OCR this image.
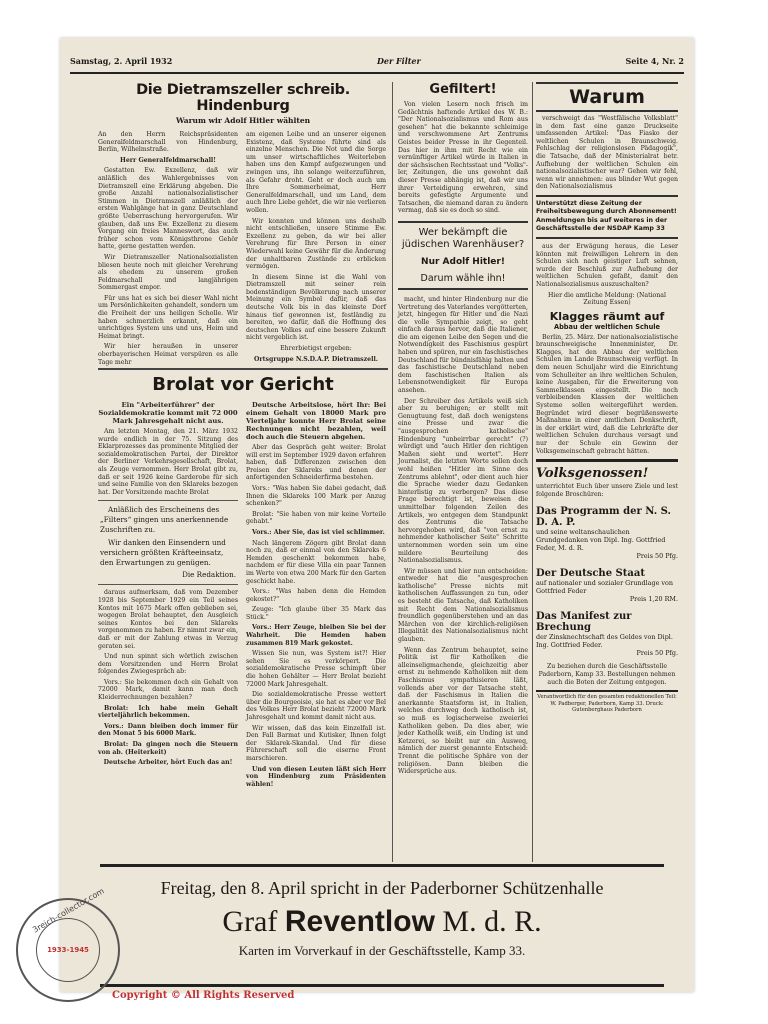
Samstag, 2. April 1932	Der Filter	Seite 4, Nr. 2
Die Dietramszeller schreib. Hindenburg
Warum wir Adolf Hitler wählten

An den Herrn Reichspräsidenten Generalfeldmarschall von Hindenburg, Berlin, Wilhelmstraße.

Herr Generalfeldmarschall!

Gestatten Ew. Exzellenz, daß wir anläßlich des Wahlergebnisses von Dietramszell eine Erklärung abgeben. Die große Anzahl nationalsozialistischer Stimmen in Dietramszell anläßlich der ersten Wahlgänge hat in ganz Deutschland größte Ueberraschung hervorgerufen. Wir glauben, daß uns Ew. Exzellenz zu diesem Vorgang ein freies Manneswort, das auch früher schon vom Königsthrone Gehör hatte, gerne gestatten werden.

Wir Dietramszeller Nationalsozialisten bliesen heute noch mit gleicher Verehrung als ehedem zu unserem großen Feldmarschall und langjährigen Sommergast empor.

Für uns hat es sich bei dieser Wahl nicht um Persönlichkeiten gehandelt, sondern um die Freiheit der uns heiligen Scholle. Wir haben schmerzlich erkannt, daß ein unrichtiges System uns und uns, Heim und Heimat bringt.

Wir hier heraußen in unserer oberbayerischen Heimat verspüren es alle Tage mehr

am eigenen Leibe und an unserer eigenen Existenz, daß Systeme führte sind als einzelne Menschen. Die Not und die Sorge um unser wirtschaftliches Weiterleben haben uns den Kampf aufgezwungen und zwingen uns, ihn solange weiterzuführen, als Gefahr droht. Geht er doch auch um Ihre Sommerheimat, Herr Generalfeldmarschall, und um Land, dem auch Ihre Liebe gehört, die wir nie verlieren wollen.

Wir konnten und können uns deshalb nicht entschließen, unsere Stimme Ew. Exzellenz zu geben, da wir bei aller Verehrung für Ihre Person in einer Wiederwahl keine Gewähr für die Änderung der unhaltbaren Zustände zu erblicken vermögen.

In diesem Sinne ist die Wahl von Dietramszell mit seiner rein bodenständigen Bevölkerung nach unserer Meinung ein Symbol dafür, daß das deutsche Volk bis in das kleinste Dorf hinaus tief gewonnen ist, festländig zu bereiten, wo dafür, daß die Hoffnung des deutschen Volkes auf eine bessere Zukunft nicht vergeblich ist.

Ehrerbietigst ergeben:

Ortsgruppe N.S.D.A.P. Dietramszell.

Brolat vor Gericht
Ein "Arbeiterführer" der Sozialdemokratie kommt mit 72 000 Mark Jahresgehalt nicht aus.

Am letzten Montag, den 21. März 1932 wurde endlich in der 75. Sitzung des Eklarprozesses das prominente Mitglied der sozialdemokratischen Partei, der Direktor der Berliner Verkehrsgesellschaft, Brolat, als Zeuge vernommen. Herr Brolat gibt zu, daß er seit 1926 keine Garderobe für sich und seine Familie von den Sklareks bezogen hat. Der Vorsitzende machte Brolat

Anläßlich des Erscheinens des „Filters“ gingen uns anerkennende Zuschriften zu.
Wir danken den Einsendern und versichern größten Kräfteeinsatz, den Erwartungen zu genügen.
Die Redaktion.

daraus aufmerksam, daß vom Dezember 1928 bis September 1929 ein Teil seines Kontos mit 1675 Mark offen geblieben sei, wogegen Brolat behauptet, den Ausgleich seines Kontos bei den Sklareks vorgenommen zu haben. Er nimmt zwar ein, daß er mit der Zahlung etwas in Verzug geraten sei.

Und nun spinnt sich wörtlich zwischen dem Vorsitzenden und Herrn Brolat folgendes Zwiegespräch ab:

Vors.: Sie bekommen doch ein Gehalt von 72000 Mark, damit kann man doch Kleiderrechnungen bezahlen?

Brolat: Ich habe mein Gehalt vierteljährlich bekommen.

Vors.: Dann bleiben doch immer für den Monat 5 bis 6000 Mark.

Brolat: Da gingen noch die Steuern von ab. (Heiterkeit)

Deutsche Arbeiter, hört Euch das an!

Deutsche Arbeitslose, hört Ihr: Bei einem Gehalt von 18000 Mark pro Vierteljahr konnte Herr Brolat seine Rechnungen nicht bezahlen, weil doch auch die Steuern abgehen.

Aber das Gespräch geht weiter: Brolat will erst im September 1929 davon erfahren haben, daß Differenzen zwischen den Preisen der Sklareks und denen der anfertigenden Schneiderfirma bestehen.

Vors.: "Was haben Sie dabei gedacht, daß Ihnen die Sklareks 100 Mark per Anzug schenken?"

Brolat: "Sie haben von mir keine Vorteile gehabt."

Vors.: Aber Sie, das ist viel schlimmer.

Nach längerem Zögern gibt Brolat dann noch zu, daß er einmal von den Sklareks 6 Hemden geschenkt bekommen habe, nachdem er für diese Villa ein paar Tannen im Werte von etwa 200 Mark für den Garten geschickt habe.

Vors.: "Was haben denn die Hemden gekostet?"

Zeuge: "Ich glaube über 35 Mark das Stück."

Vors.: Herr Zeuge, bleiben Sie bei der Wahrheit. Die Hemden haben zusammen 819 Mark gekostet.

Wissen Sie nun, was System ist?! Hier sehen Sie es verkörpert. Die sozialdemokratische Presse schimpft über die hohen Gehälter — Herr Brolat bezieht 72000 Mark Jahresgehalt.

Die sozialdemokratische Presse wettert über die Bourgeoisie, sie hat es aber vor Bel des Volkes Herr Brolat bezieht 72000 Mark Jahresgehalt und kommt damit nicht aus.

Wir wissen, daß das kein Einzelfall ist. Den Fall Barmat und Kutisker, Ihnen folgt der Sklarek-Skandal. Und für diese Führerschaft soll die eiserne Front marschieren.

Und von diesen Leuten läßt sich Herr von Hindenburg zum Präsidenten wählen!

Gefiltert!

Von vielen Lesern noch frisch im Gedächtnis haftende Artikel des W. B.: "Der Nationalsozialismus und Rom aus gesehen" hat die bekannte schleimige und verschwommene Art Zentrums Geistes beider Presse in ihr Gegenteil. Das hier in ihm mit Recht wie ein vernünftiger Artikel würde in Italien in der sächsischen Rechtsstaat und "Volks"-ler, Zeitungen, die uns gewohnt daß dieser Presse abhängig ist, daß wir uns ihrer Verteidigung erwehren, sind bereits gefestigte Argumente und Tatsachen, die niemand daran zu ändern vermag, daß sie es doch so sind.

Wer bekämpft die jüdischen Warenhäuser?
Nur Adolf Hitler!
Darum wähle ihn!

macht, und hinter Hindenburg nur die Vertretung des Vaterlandes vergötterten, jetzt, hingegen für Hitler und die Nazi die volle Sympathie zeigt, so geht einfach daraus hervor, daß die Italiener, die am eigenen Leibe den Segen und die Notwendigkeit des Faschismus gespürt haben und spüren, nur ein faschistisches Deutschland für bündnisfähig halten und das faschistische Deutschland neben dem faschistischen Italien als Lebensnotwendigkeit für Europa ansehen.

Der Schreiber des Artikels weiß sich aber zu beruhigen; er stellt mit Genugtuung fest, daß doch wenigstens eine Presse und zwar die "ausgesprochen katholische" Hindenburg "unbeirrbar gerecht" (?) würdigt und "auch Hitler den richtigen Maßen sieht und wertet". Herr Journalist, die letzten Worte sollen doch wohl heißen "Hitler im Sinne des Zentrums ablehnt", oder dient auch hier die Sprache wieder dazu Gedanken hinterlistig zu verbergen? Das diese Frage berechtigt ist, beweisen die unmittelbar folgenden Zeilen des Artikels, wo entgegen dem Standpunkt des Zentrums die Tatsache hervorgehoben wird, daß "von ernst zu nehmender katholischer Seite" Schritte unternommen worden sein um eine mildere Beurteilung des Nationalsozialismus.

Wir müssen und hier nun entscheiden: entweder hat die "ausgesprochen katholische" Presse nichts mit katholischen Auffassungen zu tun, oder es besteht die Tatsache, daß Katholiken mit Recht dem Nationalsozialismus freundlich gegenüberstehen und an das Märchen von der kirchlich-religiösen Illegalität des Nationalsozialismus nicht glauben.

Wenn das Zentrum behauptet, seine Politik ist für Katholiken die alleinseligmachende, gleichzeitig aber ernst zu nehmende Katholiken mit dem Faschismus sympathisieren läßt, vollends aber vor der Tatsache steht, daß der Faschismus in Italien die anerkannte Staatsform ist, in Italien, welches durchweg doch katholisch ist, so muß es logischerweise zweierlei Katholiken geben. Da dies aber, wie jeder Katholik weiß, ein Unding ist und Ketzerei, so bleibt nur ein Ausweg, nämlich der zuerst genannte Entscheid: Trennt die politische Sphäre von der religiösen. Dann bleiben die Widersprüche aus.

Warum

verschweigt das "Westfälische Volksblatt" in dem fast eine ganze Druckseite umfassenden Artikel: "Das Fiasko der weltlichen Schulen in Braunschweig. Fehlschlag der religionslosen Pädagogik", die Tatsache, daß der Ministerialrat betr. Aufhebung der weltlichen Schulen ein nationalsozialistischer war? Gehen wir fehl, wenn wir annehmen: aus blinder Wut gegen den Nationalsozialismus

Unterstützt diese Zeitung der Freiheitsbewegung durch Abonnement! Anmeldungen bis auf weiteres in der Geschäftsstelle der NSDAP Kamp 33

aus der Erwägung heraus, die Leser könnten mit freiwilligen Lehrern in den Schulen sich nach geistiger Luft sehnen, wurde der Beschluß zur Aufhebung der weltlichen Schulen gefaßt, damit den Nationalsozialismus auszuschalten?

Hier die amtliche Meldung: (National Zeitung Essen)

Klagges räumt auf
Abbau der weltlichen Schule

Berlin, 25. März. Der nationalsozialistische braunschweigische Innenminister, Dr. Klagges, hat den Abbau der weltlichen Schulen im Lande Braunschweig verfügt. In dem neuen Schuljahr wird die Einrichtung vom Schulleiter an ihre weltlichen Schulen, keine Ausgaben, für die Erweiterung von Sammelklassen eingestellt. Die noch verbleibenden Klassen der weltlichen Systeme sollen weitergeführt werden. Begründet wird dieser begrüßenswerte Maßnahme in einer amtlichen Denkschrift, in der erklärt wird, daß die Lehrkräfte der weltlichen Schulen durchaus versagt und nur der Schule ein Gewinn der Volksgemeinschaft gebracht hätten.

Volksgenossen!
unterrichtet Euch über unsere Ziele und lest folgende Broschüren:
Das Programm der N. S. D. A. P.
und seine weltanschaulichen Grundgedanken von Dipl. Ing. Gottfried Feder, M. d. R.
Preis 50 Pfg.
Der Deutsche Staat
auf nationaler und sozialer Grundlage von Gottfried Feder
Preis 1,20 RM.
Das Manifest zur Brechung
der Zinsknechtschaft des Geldes von Dipl. Ing. Gottfried Feder.
Preis 50 Pfg.
Zu beziehen durch die Geschäftsstelle Paderborn, Kamp 33. Bestellungen nehmen auch die Boten der Zeitung entgegen.
Verantwortlich für den gesamten redaktionellen Teil: W. Padberger, Paderborn, Kamp 33. Druck: Gutenberghaus Paderborn
Freitag, den 8. April spricht in der Paderborner Schützenhalle
Graf Reventlow M. d. R.
Karten im Vorverkauf in der Geschäftsstelle, Kamp 33.
3reich-collector.com
1933-1945
Copyright © All Rights Reserved
